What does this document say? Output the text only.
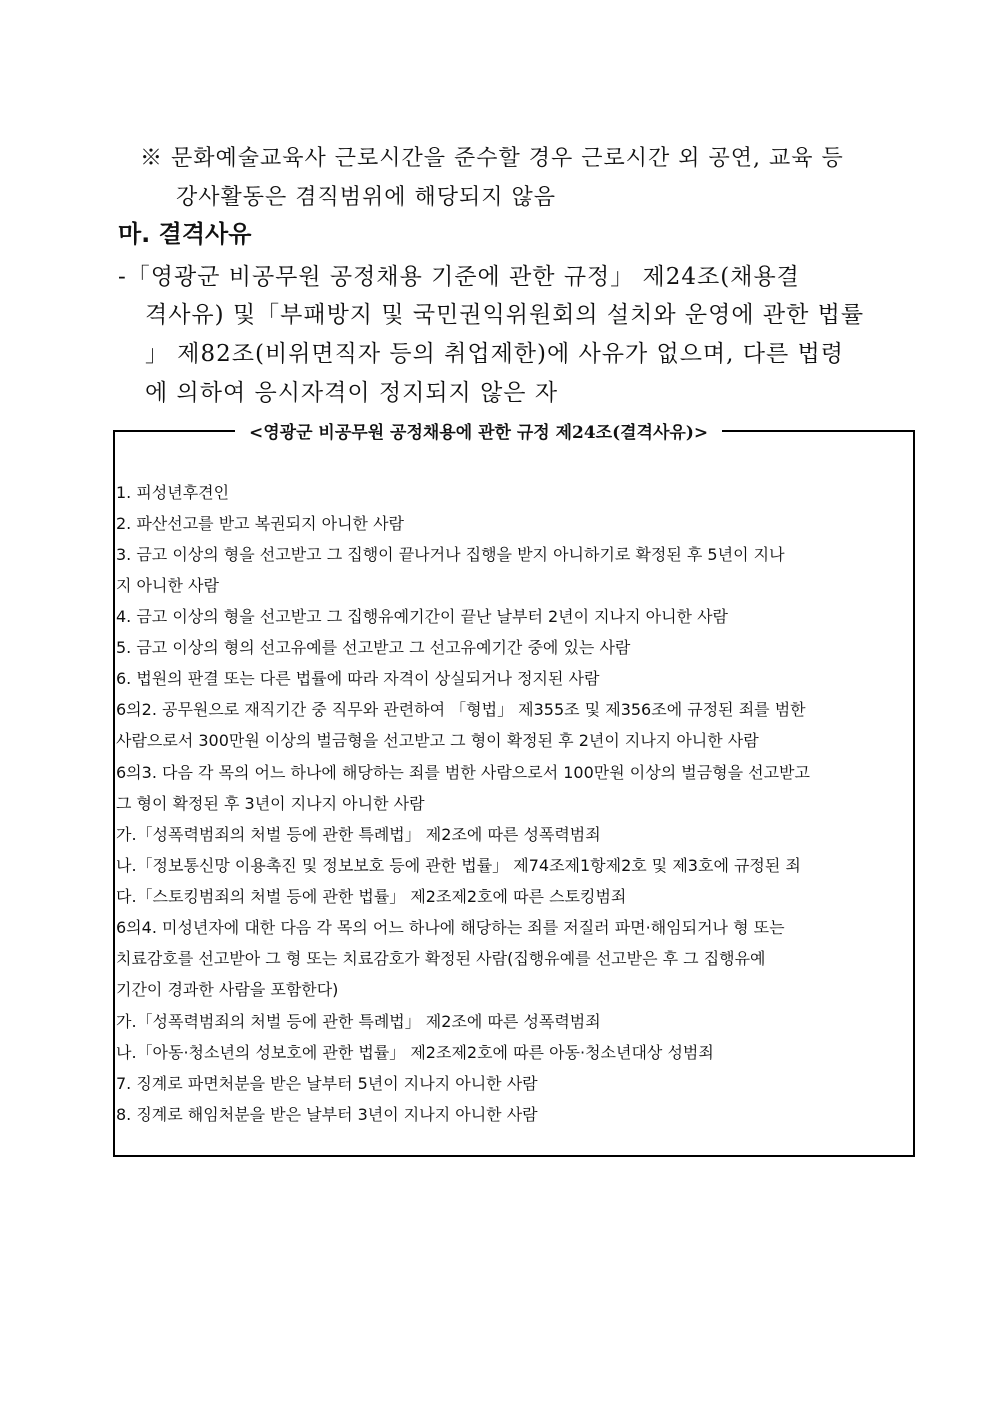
※ 문화예술교육사 근로시간을 준수할 경우 근로시간 외 공연, 교육 등
강사활동은 겸직범위에 해당되지 않음
마. 결격사유
-「영광군 비공무원 공정채용 기준에 관한 규정」 제24조(채용결
격사유) 및「부패방지 및 국민권익위원회의 설치와 운영에 관한 법률
」 제82조(비위면직자 등의 취업제한)에 사유가 없으며, 다른 법령
에 의하여 응시자격이 정지되지 않은 자
<영광군 비공무원 공정채용에 관한 규정 제24조(결격사유)>
1. 피성년후견인
2. 파산선고를 받고 복권되지 아니한 사람
3. 금고 이상의 형을 선고받고 그 집행이 끝나거나 집행을 받지 아니하기로 확정된 후 5년이 지나
지 아니한 사람
4. 금고 이상의 형을 선고받고 그 집행유예기간이 끝난 날부터 2년이 지나지 아니한 사람
5. 금고 이상의 형의 선고유예를 선고받고 그 선고유예기간 중에 있는 사람
6. 법원의 판결 또는 다른 법률에 따라 자격이 상실되거나 정지된 사람
6의2. 공무원으로 재직기간 중 직무와 관련하여 「형법」 제355조 및 제356조에 규정된 죄를 범한
사람으로서 300만원 이상의 벌금형을 선고받고 그 형이 확정된 후 2년이 지나지 아니한 사람
6의3. 다음 각 목의 어느 하나에 해당하는 죄를 범한 사람으로서 100만원 이상의 벌금형을 선고받고
그 형이 확정된 후 3년이 지나지 아니한 사람
가.「성폭력범죄의 처벌 등에 관한 특례법」 제2조에 따른 성폭력범죄
나.「정보통신망 이용촉진 및 정보보호 등에 관한 법률」 제74조제1항제2호 및 제3호에 규정된 죄
다.「스토킹범죄의 처벌 등에 관한 법률」 제2조제2호에 따른 스토킹범죄
6의4. 미성년자에 대한 다음 각 목의 어느 하나에 해당하는 죄를 저질러 파면·해임되거나 형 또는
치료감호를 선고받아 그 형 또는 치료감호가 확정된 사람(집행유예를 선고받은 후 그 집행유예
기간이 경과한 사람을 포함한다)
가.「성폭력범죄의 처벌 등에 관한 특례법」 제2조에 따른 성폭력범죄
나.「아동·청소년의 성보호에 관한 법률」 제2조제2호에 따른 아동·청소년대상 성범죄
7. 징계로 파면처분을 받은 날부터 5년이 지나지 아니한 사람
8. 징계로 해임처분을 받은 날부터 3년이 지나지 아니한 사람
